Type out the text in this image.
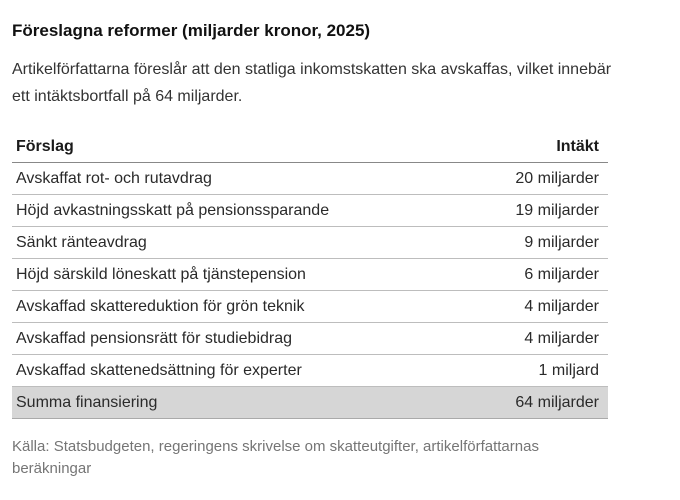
Föreslagna reformer (miljarder kronor, 2025)
Artikelförfattarna föreslår att den statliga inkomstskatten ska avskaffas, vilket innebär ett intäktsbortfall på 64 miljarder.
Förslag	Intäkt
Avskaffat rot- och rutavdrag	20 miljarder
Höjd avkastningsskatt på pensionssparande	19 miljarder
Sänkt ränteavdrag	9 miljarder
Höjd särskild löneskatt på tjänstepension	6 miljarder
Avskaffad skattereduktion för grön teknik	4 miljarder
Avskaffad pensionsrätt för studiebidrag	4 miljarder
Avskaffad skattenedsättning för experter	1 miljard
Summa finansiering	64 miljarder
Källa: Statsbudgeten, regeringens skrivelse om skatteutgifter, artikelförfattarnas beräkningar
